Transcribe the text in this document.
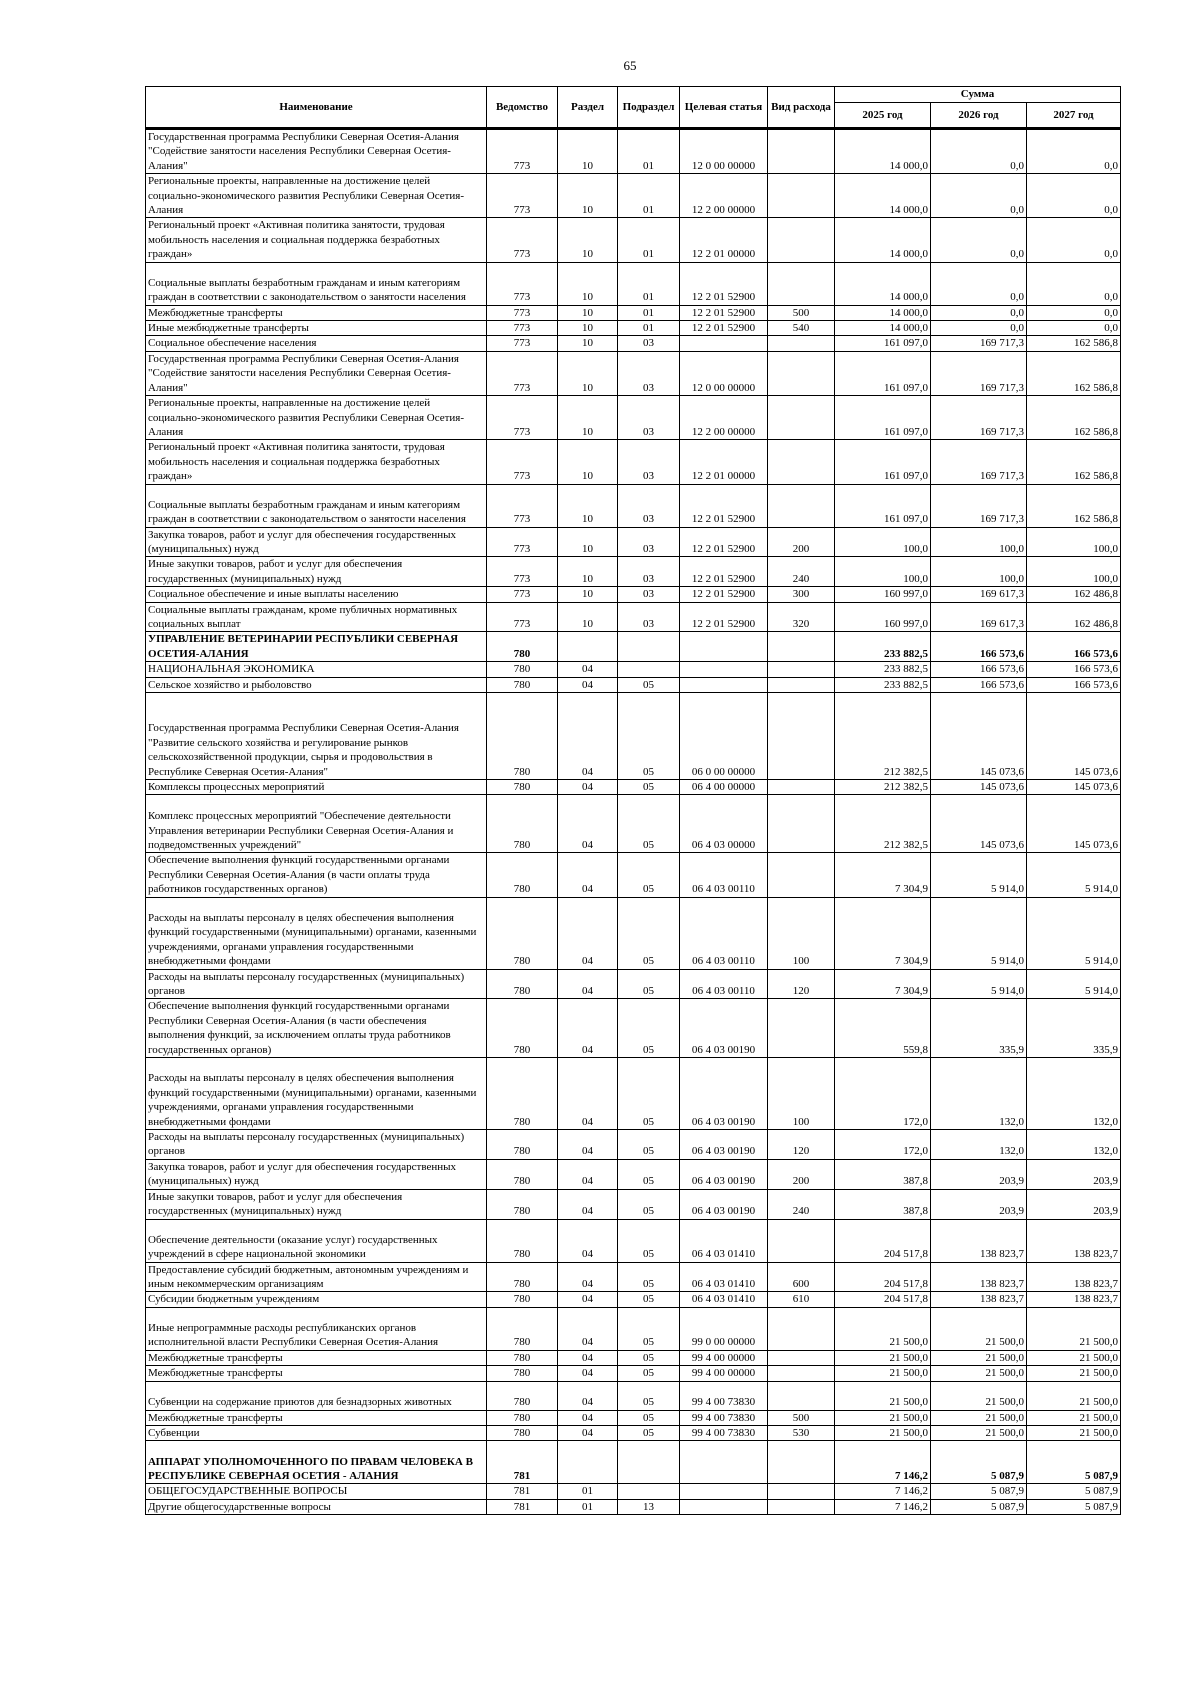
65
Наименование	Ведомство	Раздел	Подраздел	Целевая статья	Вид расхода	Сумма		
						2025 год	2026 год	2027 год
Государственная программа Республики Северная Осетия-Алания "Содействие занятости населения Республики Северная Осетия-Алания"	773	10	01	12 0 00 00000		14 000,0	0,0	0,0
Региональные проекты, направленные на достижение целей социально-экономического развития Республики Северная Осетия-Алания	773	10	01	12 2 00 00000		14 000,0	0,0	0,0
Региональный проект «Активная политика занятости, трудовая мобильность населения и социальная поддержка безработных граждан»	773	10	01	12 2 01 00000		14 000,0	0,0	0,0
Социальные выплаты безработным гражданам и иным категориям граждан в соответствии с законодательством о занятости населения	773	10	01	12 2 01 52900		14 000,0	0,0	0,0
Межбюджетные трансферты	773	10	01	12 2 01 52900	500	14 000,0	0,0	0,0
Иные межбюджетные трансферты	773	10	01	12 2 01 52900	540	14 000,0	0,0	0,0
Социальное обеспечение населения	773	10	03			161 097,0	169 717,3	162 586,8
Государственная программа Республики Северная Осетия-Алания "Содействие занятости населения Республики Северная Осетия-Алания"	773	10	03	12 0 00 00000		161 097,0	169 717,3	162 586,8
Региональные проекты, направленные на достижение целей социально-экономического развития Республики Северная Осетия-Алания	773	10	03	12 2 00 00000		161 097,0	169 717,3	162 586,8
Региональный проект «Активная политика занятости, трудовая мобильность населения и социальная поддержка безработных граждан»	773	10	03	12 2 01 00000		161 097,0	169 717,3	162 586,8
Социальные выплаты безработным гражданам и иным категориям граждан в соответствии с законодательством о занятости населения	773	10	03	12 2 01 52900		161 097,0	169 717,3	162 586,8
Закупка товаров, работ и услуг для обеспечения государственных (муниципальных) нужд	773	10	03	12 2 01 52900	200	100,0	100,0	100,0
Иные закупки товаров, работ и услуг для обеспечения государственных (муниципальных) нужд	773	10	03	12 2 01 52900	240	100,0	100,0	100,0
Социальное обеспечение и иные выплаты населению	773	10	03	12 2 01 52900	300	160 997,0	169 617,3	162 486,8
Социальные выплаты гражданам, кроме публичных нормативных социальных выплат	773	10	03	12 2 01 52900	320	160 997,0	169 617,3	162 486,8
УПРАВЛЕНИЕ ВЕТЕРИНАРИИ РЕСПУБЛИКИ СЕВЕРНАЯ ОСЕТИЯ-АЛАНИЯ	780					233 882,5	166 573,6	166 573,6
НАЦИОНАЛЬНАЯ ЭКОНОМИКА	780	04				233 882,5	166 573,6	166 573,6
Сельское хозяйство и рыболовство	780	04	05			233 882,5	166 573,6	166 573,6
Государственная программа Республики Северная Осетия-Алания "Развитие сельского хозяйства и регулирование рынков сельскохозяйственной продукции, сырья и продовольствия в Республике Северная Осетия-Алания"	780	04	05	06 0 00 00000		212 382,5	145 073,6	145 073,6
Комплексы процессных мероприятий	780	04	05	06 4 00 00000		212 382,5	145 073,6	145 073,6
Комплекс процессных мероприятий "Обеспечение деятельности Управления ветеринарии Республики Северная Осетия-Алания и подведомственных учреждений"	780	04	05	06 4 03 00000		212 382,5	145 073,6	145 073,6
Обеспечение выполнения функций государственными органами Республики Северная Осетия-Алания (в части оплаты труда работников государственных органов)	780	04	05	06 4 03 00110		7 304,9	5 914,0	5 914,0
Расходы на выплаты персоналу в целях обеспечения выполнения функций государственными (муниципальными) органами, казенными учреждениями, органами управления государственными внебюджетными фондами	780	04	05	06 4 03 00110	100	7 304,9	5 914,0	5 914,0
Расходы на выплаты персоналу государственных (муниципальных) органов	780	04	05	06 4 03 00110	120	7 304,9	5 914,0	5 914,0
Обеспечение выполнения функций государственными органами Республики Северная Осетия-Алания (в части обеспечения выполнения функций, за исключением оплаты труда работников государственных органов)	780	04	05	06 4 03 00190		559,8	335,9	335,9
Расходы на выплаты персоналу в целях обеспечения выполнения функций государственными (муниципальными) органами, казенными учреждениями, органами управления государственными внебюджетными фондами	780	04	05	06 4 03 00190	100	172,0	132,0	132,0
Расходы на выплаты персоналу государственных (муниципальных) органов	780	04	05	06 4 03 00190	120	172,0	132,0	132,0
Закупка товаров, работ и услуг для обеспечения государственных (муниципальных) нужд	780	04	05	06 4 03 00190	200	387,8	203,9	203,9
Иные закупки товаров, работ и услуг для обеспечения государственных (муниципальных) нужд	780	04	05	06 4 03 00190	240	387,8	203,9	203,9
Обеспечение деятельности (оказание услуг) государственных учреждений в сфере национальной экономики	780	04	05	06 4 03 01410		204 517,8	138 823,7	138 823,7
Предоставление субсидий бюджетным, автономным учреждениям и иным некоммерческим организациям	780	04	05	06 4 03 01410	600	204 517,8	138 823,7	138 823,7
Субсидии бюджетным учреждениям	780	04	05	06 4 03 01410	610	204 517,8	138 823,7	138 823,7
Иные непрограммные расходы республиканских органов исполнительной власти Республики Северная Осетия-Алания	780	04	05	99 0 00 00000		21 500,0	21 500,0	21 500,0
Межбюджетные трансферты	780	04	05	99 4 00 00000		21 500,0	21 500,0	21 500,0
Межбюджетные трансферты	780	04	05	99 4 00 00000		21 500,0	21 500,0	21 500,0
Субвенции на содержание приютов для безнадзорных животных	780	04	05	99 4 00 73830		21 500,0	21 500,0	21 500,0
Межбюджетные трансферты	780	04	05	99 4 00 73830	500	21 500,0	21 500,0	21 500,0
Субвенции	780	04	05	99 4 00 73830	530	21 500,0	21 500,0	21 500,0
АППАРАТ УПОЛНОМОЧЕННОГО ПО ПРАВАМ ЧЕЛОВЕКА В РЕСПУБЛИКЕ СЕВЕРНАЯ ОСЕТИЯ - АЛАНИЯ	781					7 146,2	5 087,9	5 087,9
ОБЩЕГОСУДАРСТВЕННЫЕ ВОПРОСЫ	781	01				7 146,2	5 087,9	5 087,9
Другие общегосударственные вопросы	781	01	13			7 146,2	5 087,9	5 087,9
